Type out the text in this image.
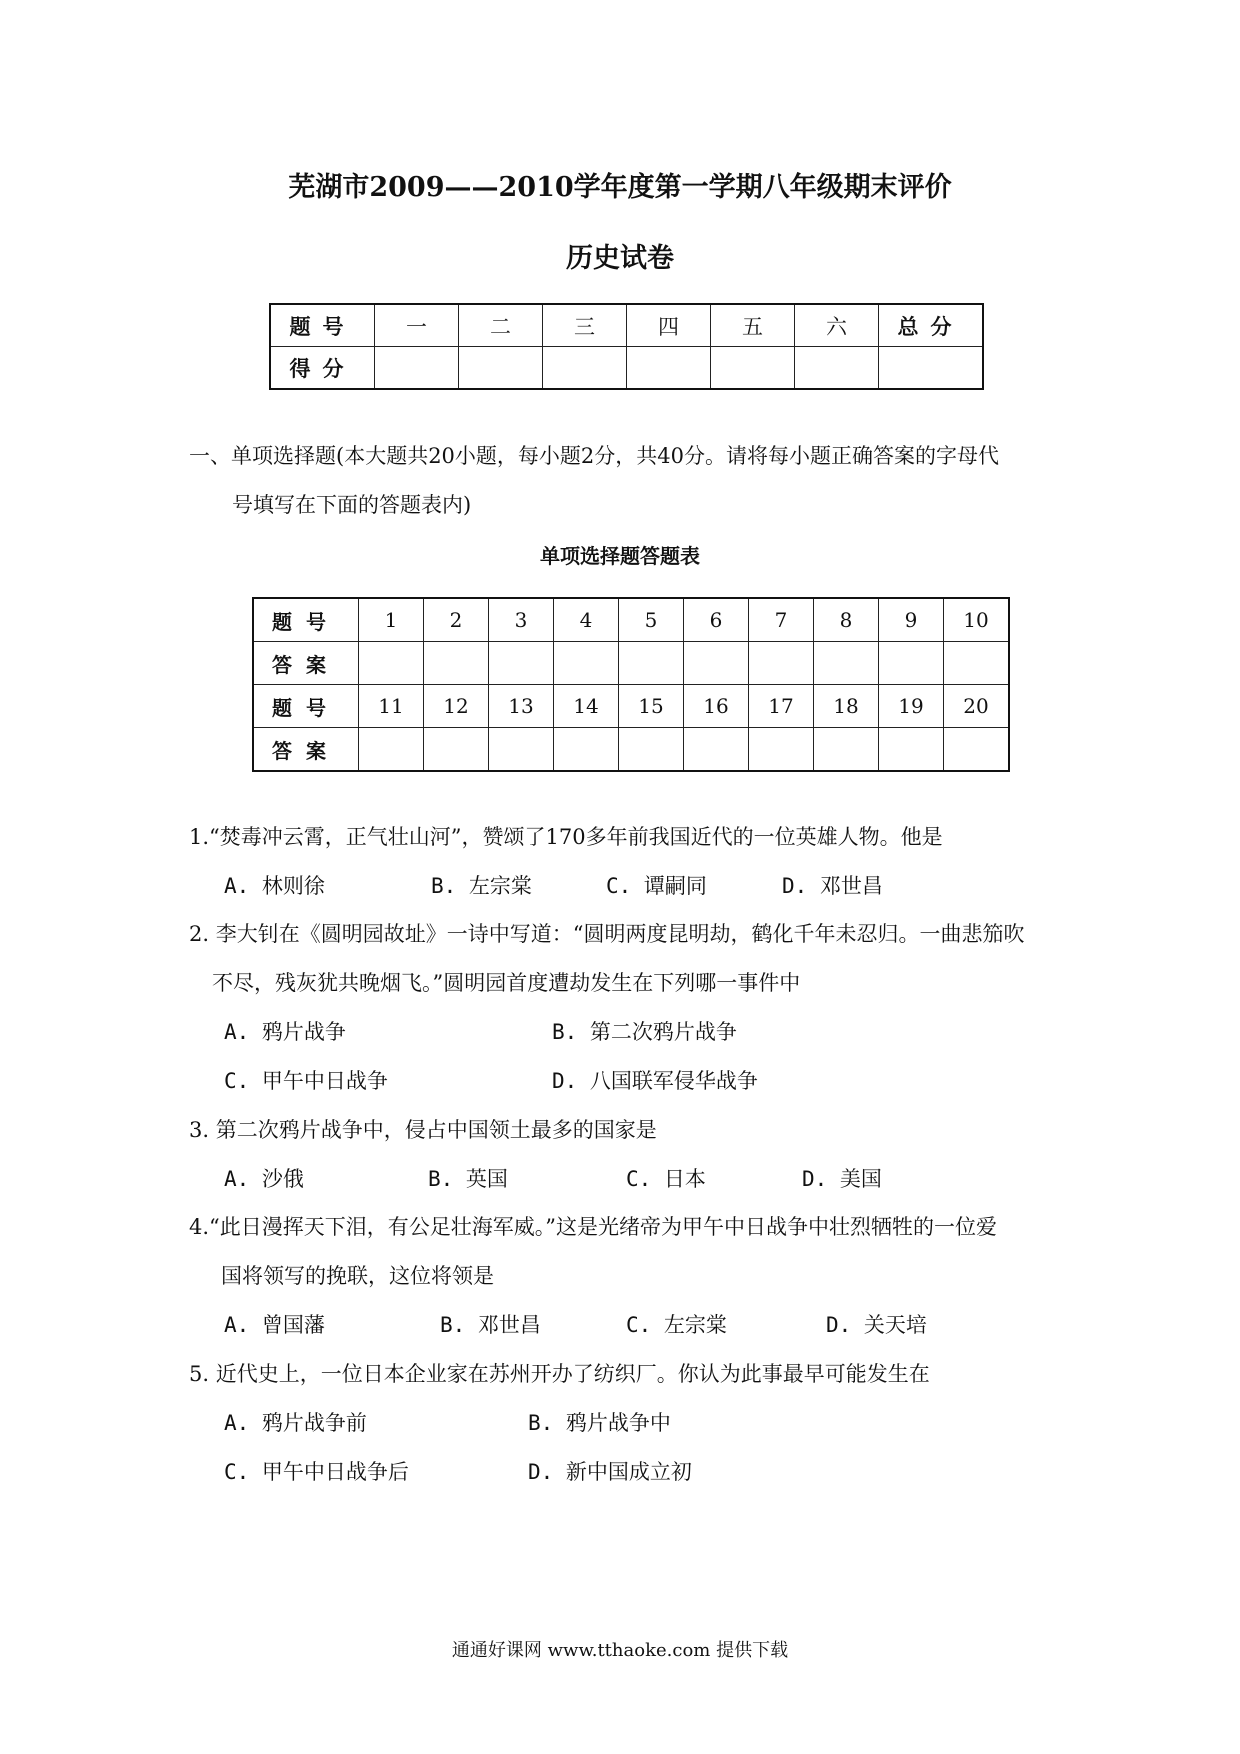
芜湖市2009——2010学年度第一学期八年级期末评价
历史试卷
题号	一	二	三	四	五	六	总分
得分							
一、单项选择题(本大题共20小题，每小题2分，共40分。请将每小题正确答案的字母代
号填写在下面的答题表内)
单项选择题答题表
题号	1	2	3	4	5	6	7	8	9	10
答案										
题号	11	12	13	14	15	16	17	18	19	20
答案										
1.“焚毒冲云霄，正气壮山河”，赞颂了170多年前我国近代的一位英雄人物。他是
A. 林则徐	B. 左宗棠	C. 谭嗣同	D. 邓世昌
2. 李大钊在《圆明园故址》一诗中写道：“圆明两度昆明劫，鹤化千年未忍归。一曲悲笳吹
不尽，残灰犹共晚烟飞。”圆明园首度遭劫发生在下列哪一事件中
A. 鸦片战争	B. 第二次鸦片战争
C. 甲午中日战争	D. 八国联军侵华战争
3. 第二次鸦片战争中，侵占中国领土最多的国家是
A. 沙俄	B. 英国	C. 日本	D. 美国
4.“此日漫挥天下泪，有公足壮海军威。”这是光绪帝为甲午中日战争中壮烈牺牲的一位爱
国将领写的挽联，这位将领是
A. 曾国藩	B. 邓世昌	C. 左宗棠	D. 关天培
5. 近代史上，一位日本企业家在苏州开办了纺织厂。你认为此事最早可能发生在
A. 鸦片战争前	B. 鸦片战争中
C. 甲午中日战争后	D. 新中国成立初
通通好课网 www.tthaoke.com 提供下载
